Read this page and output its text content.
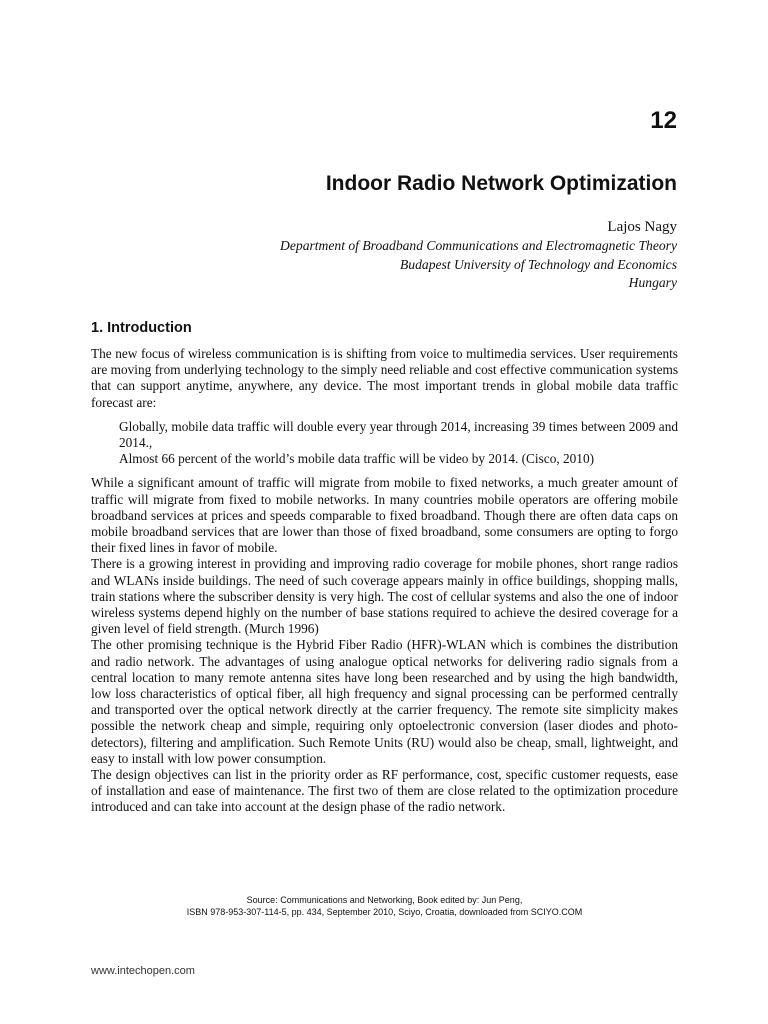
12
Indoor Radio Network Optimization

Lajos Nagy

Department of Broadband Communications and Electromagnetic Theory

Budapest University of Technology and Economics

Hungary

1. Introduction

The new focus of wireless communication is is shifting from voice to multimedia services. User requirements are moving from underlying technology to the simply need reliable and cost effective communication systems that can support anytime, anywhere, any device. The most important trends in global mobile data traffic forecast are:

Globally, mobile data traffic will double every year through 2014, increasing 39 times between 2009 and 2014.,

Almost 66 percent of the world’s mobile data traffic will be video by 2014. (Cisco, 2010)

While a significant amount of traffic will migrate from mobile to fixed networks, a much greater amount of traffic will migrate from fixed to mobile networks. In many countries mobile operators are offering mobile broadband services at prices and speeds comparable to fixed broadband. Though there are often data caps on mobile broadband services that are lower than those of fixed broadband, some consumers are opting to forgo their fixed lines in favor of mobile.

There is a growing interest in providing and improving radio coverage for mobile phones, short range radios and WLANs inside buildings. The need of such coverage appears mainly in office buildings, shopping malls, train stations where the subscriber density is very high. The cost of cellular systems and also the one of indoor wireless systems depend highly on the number of base stations required to achieve the desired coverage for a given level of field strength. (Murch 1996)

The other promising technique is the Hybrid Fiber Radio (HFR)-WLAN which is combines the distribution and radio network. The advantages of using analogue optical networks for delivering radio signals from a central location to many remote antenna sites have long been researched and by using the high bandwidth, low loss characteristics of optical fiber, all high frequency and signal processing can be performed centrally and transported over the optical network directly at the carrier frequency. The remote site simplicity makes possible the network cheap and simple, requiring only optoelectronic conversion (laser diodes and photo-detectors), filtering and amplification. Such Remote Units (RU) would also be cheap, small, lightweight, and easy to install with low power consumption.

The design objectives can list in the priority order as RF performance, cost, specific customer requests, ease of installation and ease of maintenance. The first two of them are close related to the optimization procedure introduced and can take into account at the design phase of the radio network.

Source: Communications and Networking, Book edited by: Jun Peng,

ISBN 978-953-307-114-5, pp. 434, September 2010, Sciyo, Croatia, downloaded from SCIYO.COM

www.intechopen.com
